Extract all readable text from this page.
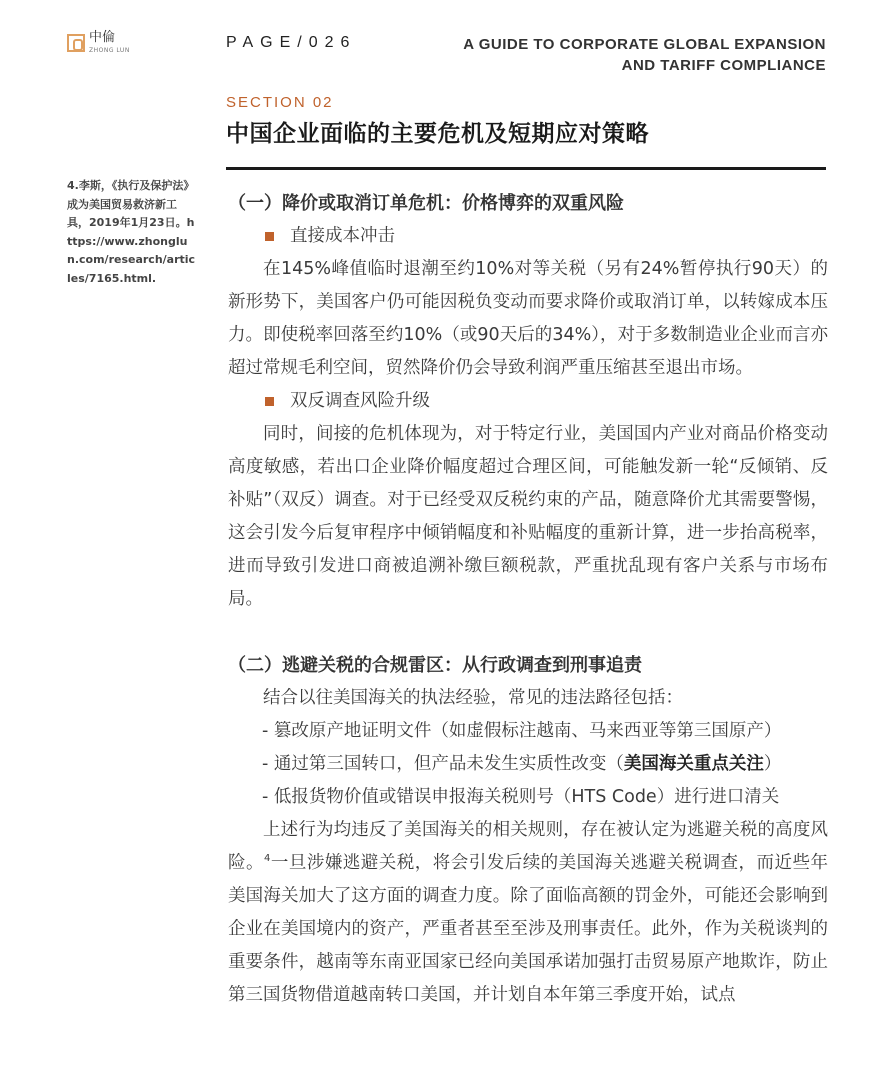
中倫
ZHONG LUN	PAGE/026	A GUIDE TO CORPORATE GLOBAL EXPANSION
AND TARIFF COMPLIANCE
SECTION 02
中国企业面临的主要危机及短期应对策略
4.李斯，《执行及保护法》成为美国贸易救济新工具，2019年1月23日。https://www.zhonglun.com/research/articles/7165.html.
（一）降价或取消订单危机：价格博弈的双重风险
直接成本冲击

在145%峰值临时退潮至约10%对等关税（另有24%暂停执行90天）的新形势下，美国客户仍可能因税负变动而要求降价或取消订单，以转嫁成本压力。即使税率回落至约10%（或90天后的34%），对于多数制造业企业而言亦超过常规毛利空间，贸然降价仍会导致利润严重压缩甚至退出市场。

双反调查风险升级

同时，间接的危机体现为，对于特定行业，美国国内产业对商品价格变动高度敏感，若出口企业降价幅度超过合理区间，可能触发新一轮“反倾销、反补贴”（双反）调查。对于已经受双反税约束的产品，随意降价尤其需要警惕，这会引发今后复审程序中倾销幅度和补贴幅度的重新计算，进一步抬高税率，进而导致引发进口商被追溯补缴巨额税款，严重扰乱现有客户关系与市场布局。

（二）逃避关税的合规雷区：从行政调查到刑事追责

结合以往美国海关的执法经验，常见的违法路径包括：

- 篡改原产地证明文件（如虚假标注越南、马来西亚等第三国原产）
- 通过第三国转口，但产品未发生实质性改变（美国海关重点关注）
- 低报货物价值或错误申报海关税则号（HTS Code）进行进口清关

上述行为均违反了美国海关的相关规则，存在被认定为逃避关税的高度风险。$^4$一旦涉嫌逃避关税，将会引发后续的美国海关逃避关税调查，而近些年美国海关加大了这方面的调查力度。除了面临高额的罚金外，可能还会影响到企业在美国境内的资产，严重者甚至至涉及刑事责任。此外，作为关税谈判的重要条件，越南等东南亚国家已经向美国承诺加强打击贸易原产地欺诈，防止第三国货物借道越南转口美国，并计划自本年第三季度开始，试点
